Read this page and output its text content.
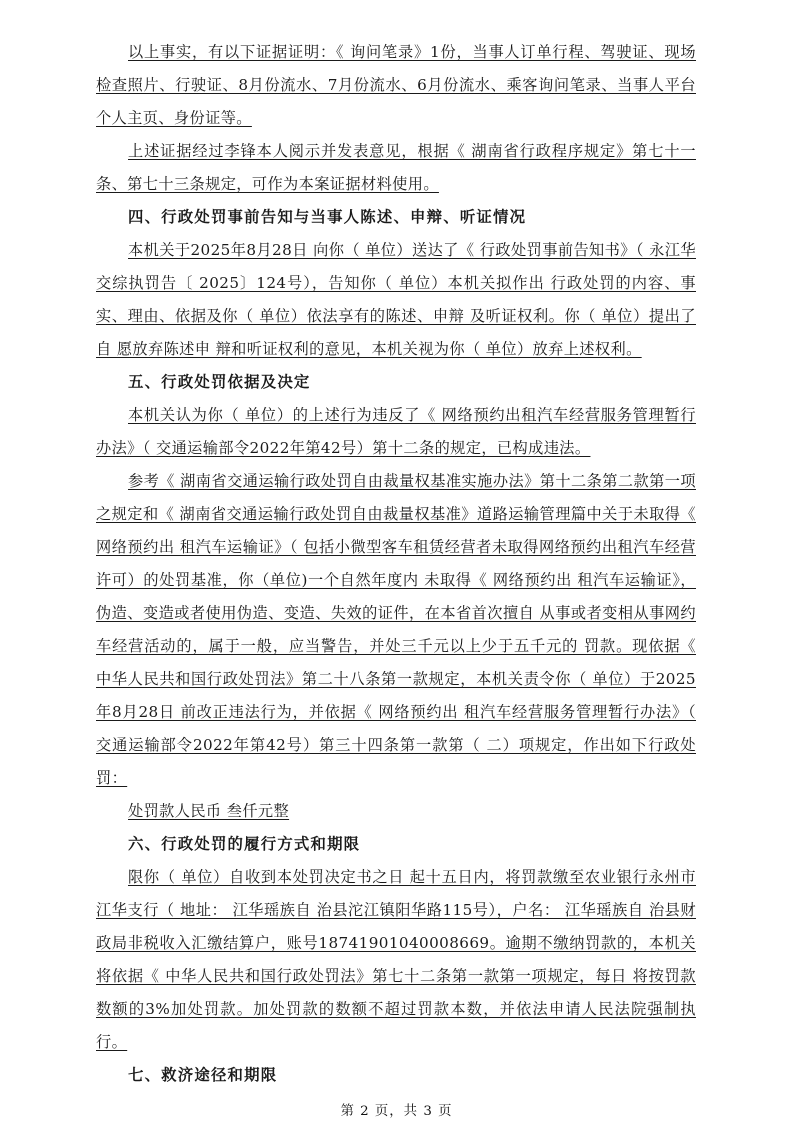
以上事实，有以下证据证明：《 询问笔录》1份，当事人订单行程、驾驶证、现场检查照片、行驶证、8月份流水、7月份流水、6月份流水、乘客询问笔录、当事人平台个人主页、身份证等。

上述证据经过李锋本人阅示并发表意见，根据《 湖南省行政程序规定》第七十一条、第七十三条规定，可作为本案证据材料使用。

四、行政处罚事前告知与当事人陈述、申辩、听证情况

本机关于2025年8月28日 向你（ 单位）送达了《 行政处罚事前告知书》（ 永江华交综执罚告〔 2025〕124号），告知你（ 单位）本机关拟作出 行政处罚的内容、事实、理由、依据及你（ 单位）依法享有的陈述、申辩 及听证权利。你（ 单位）提出了自 愿放弃陈述申 辩和听证权利的意见，本机关视为你（ 单位）放弃上述权利。

五、行政处罚依据及决定

本机关认为你（ 单位）的上述行为违反了《 网络预约出租汽车经营服务管理暂行办法》（ 交通运输部令2022年第42号）第十二条的规定，已构成违法。

参考《 湖南省交通运输行政处罚自由裁量权基准实施办法》第十二条第二款第一项之规定和《 湖南省交通运输行政处罚自由裁量权基准》道路运输管理篇中关于未取得《 网络预约出 租汽车运输证》（ 包括小微型客车租赁经营者未取得网络预约出租汽车经营许可）的处罚基准，你（单位)一个自然年度内 未取得《 网络预约出 租汽车运输证》，伪造、变造或者使用伪造、变造、失效的证件，在本省首次擅自 从事或者变相从事网约车经营活动的，属于一般，应当警告，并处三千元以上少于五千元的 罚款。现依据《 中华人民共和国行政处罚法》第二十八条第一款规定，本机关责令你（ 单位）于2025 年8月28日 前改正违法行为，并依据《 网络预约出 租汽车经营服务管理暂行办法》（ 交通运输部令2022年第42号）第三十四条第一款第（ 二）项规定，作出如下行政处罚：

处罚款人民币 叁仟元整

六、行政处罚的履行方式和期限

限你（ 单位）自收到本处罚决定书之日 起十五日内，将罚款缴至农业银行永州市江华支行（ 地址： 江华瑶族自 治县沱江镇阳华路115号），户名： 江华瑶族自 治县财政局非税收入汇缴结算户，账号18741901040008669。逾期不缴纳罚款的，本机关将依据《 中华人民共和国行政处罚法》第七十二条第一款第一项规定，每日 将按罚款数额的3%加处罚款。加处罚款的数额不超过罚款本数，并依法申请人民法院强制执行。

七、救济途径和期限

第 2 页，共 3 页
